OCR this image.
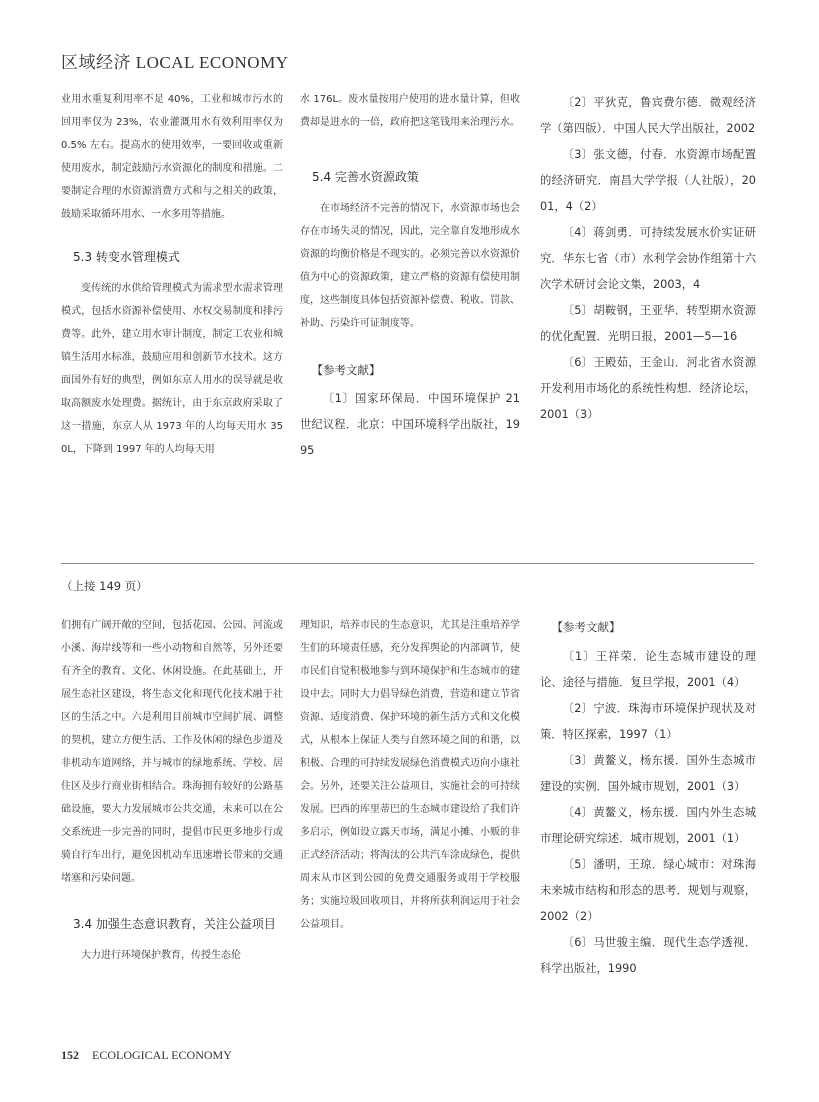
区域经济 LOCAL ECONOMY

业用水重复利用率不足 40%，工业和城市污水的回用率仅为 23%，农业灌溉用水有效利用率仅为 0.5% 左右。提高水的使用效率，一要回收或重新使用废水，制定鼓励污水资源化的制度和措施。二要制定合理的水资源消费方式和与之相关的政策，鼓励采取循环用水、一水多用等措施。

5.3 转变水管理模式

变传统的水供给管理模式为需求型水需求管理模式，包括水资源补偿使用、水权交易制度和排污费等。此外，建立用水审计制度，制定工农业和城镇生活用水标准，鼓励应用和创新节水技术。这方面国外有好的典型，例如东京人用水的误导就是收取高额废水处理费。据统计，由于东京政府采取了这一措施，东京人从 1973 年的人均每天用水 350L，下降到 1997 年的人均每天用

水 176L。废水量按用户使用的进水量计算，但收费却是进水的一倍，政府把这笔钱用来治理污水。

5.4 完善水资源政策

在市场经济不完善的情况下，水资源市场也会存在市场失灵的情况，因此，完全靠自发地形成水资源的均衡价格是不现实的。必须完善以水资源价值为中心的资源政策，建立严格的资源有偿使用制度，这些制度具体包括资源补偿费、税收、罚款、补助、污染许可证制度等。

【参考文献】

〔1〕国家环保局．中国环境保护 21 世纪议程．北京：中国环境科学出版社，1995

〔2〕平狄克，鲁宾费尔德．微观经济学（第四版）．中国人民大学出版社，2002

〔3〕张文德，付春．水资源市场配置的经济研究．南昌大学学报（人社版），2001，4（2）

〔4〕蒋剑勇．可持续发展水价实证研究．华东七省（市）水利学会协作组第十六次学术研讨会论文集，2003，4

〔5〕胡鞍钢，王亚华．转型期水资源的优化配置．光明日报，2001—5—16

〔6〕王殿茹，王金山．河北省水资源开发利用市场化的系统性构想．经济论坛，2001（3）

（上接 149 页）

们拥有广阔开敞的空间，包括花园、公园、河流或小溪、海岸线等和一些小动物和自然等，另外还要有齐全的教育、文化、休闲设施。在此基础上，开展生态社区建设，将生态文化和现代化技术融于社区的生活之中。六是利用目前城市空间扩展、调整的契机，建立方便生活、工作及休闲的绿色步道及非机动车道网络，并与城市的绿地系统、学校、居住区及步行商业街相结合。珠海拥有较好的公路基础设施，要大力发展城市公共交通，未来可以在公交系统进一步完善的同时，提倡市民更多地步行或骑自行车出行，避免因机动车迅速增长带来的交通堵塞和污染问题。

3.4 加强生态意识教育，关注公益项目

大力进行环境保护教育，传授生态伦

理知识，培养市民的生态意识，尤其是注重培养学生们的环境责任感，充分发挥舆论的内部调节，使市民们自觉积极地参与到环境保护和生态城市的建设中去。同时大力倡导绿色消费，营造和建立节省资源、适度消费、保护环境的新生活方式和文化模式，从根本上保证人类与自然环境之间的和谐，以积极、合理的可持续发展绿色消费模式迈向小康社会。另外，还要关注公益项目，实施社会的可持续发展。巴西的库里蒂巴的生态城市建设给了我们许多启示，例如设立露天市场，满足小摊、小贩的非正式经济活动；将淘汰的公共汽车涂成绿色，提供周末从市区到公园的免费交通服务或用于学校服务；实施垃圾回收项目，并将所获利润运用于社会公益项目。

【参考文献】

〔1〕王祥荣．论生态城市建设的理论、途径与措施．复旦学报，2001（4）

〔2〕宁波．珠海市环境保护现状及对策．特区探索，1997（1）

〔3〕黄鳌义，杨东援．国外生态城市建设的实例．国外城市规划，2001（3）

〔4〕黄鳌义，杨东援．国内外生态城市理论研究综述．城市规划，2001（1）

〔5〕潘明，王琼．绿心城市：对珠海未来城市结构和形态的思考．规划与观察，2002（2）

〔6〕马世骏主编．现代生态学透视．科学出版社，1990

152 ECOLOGICAL ECONOMY
